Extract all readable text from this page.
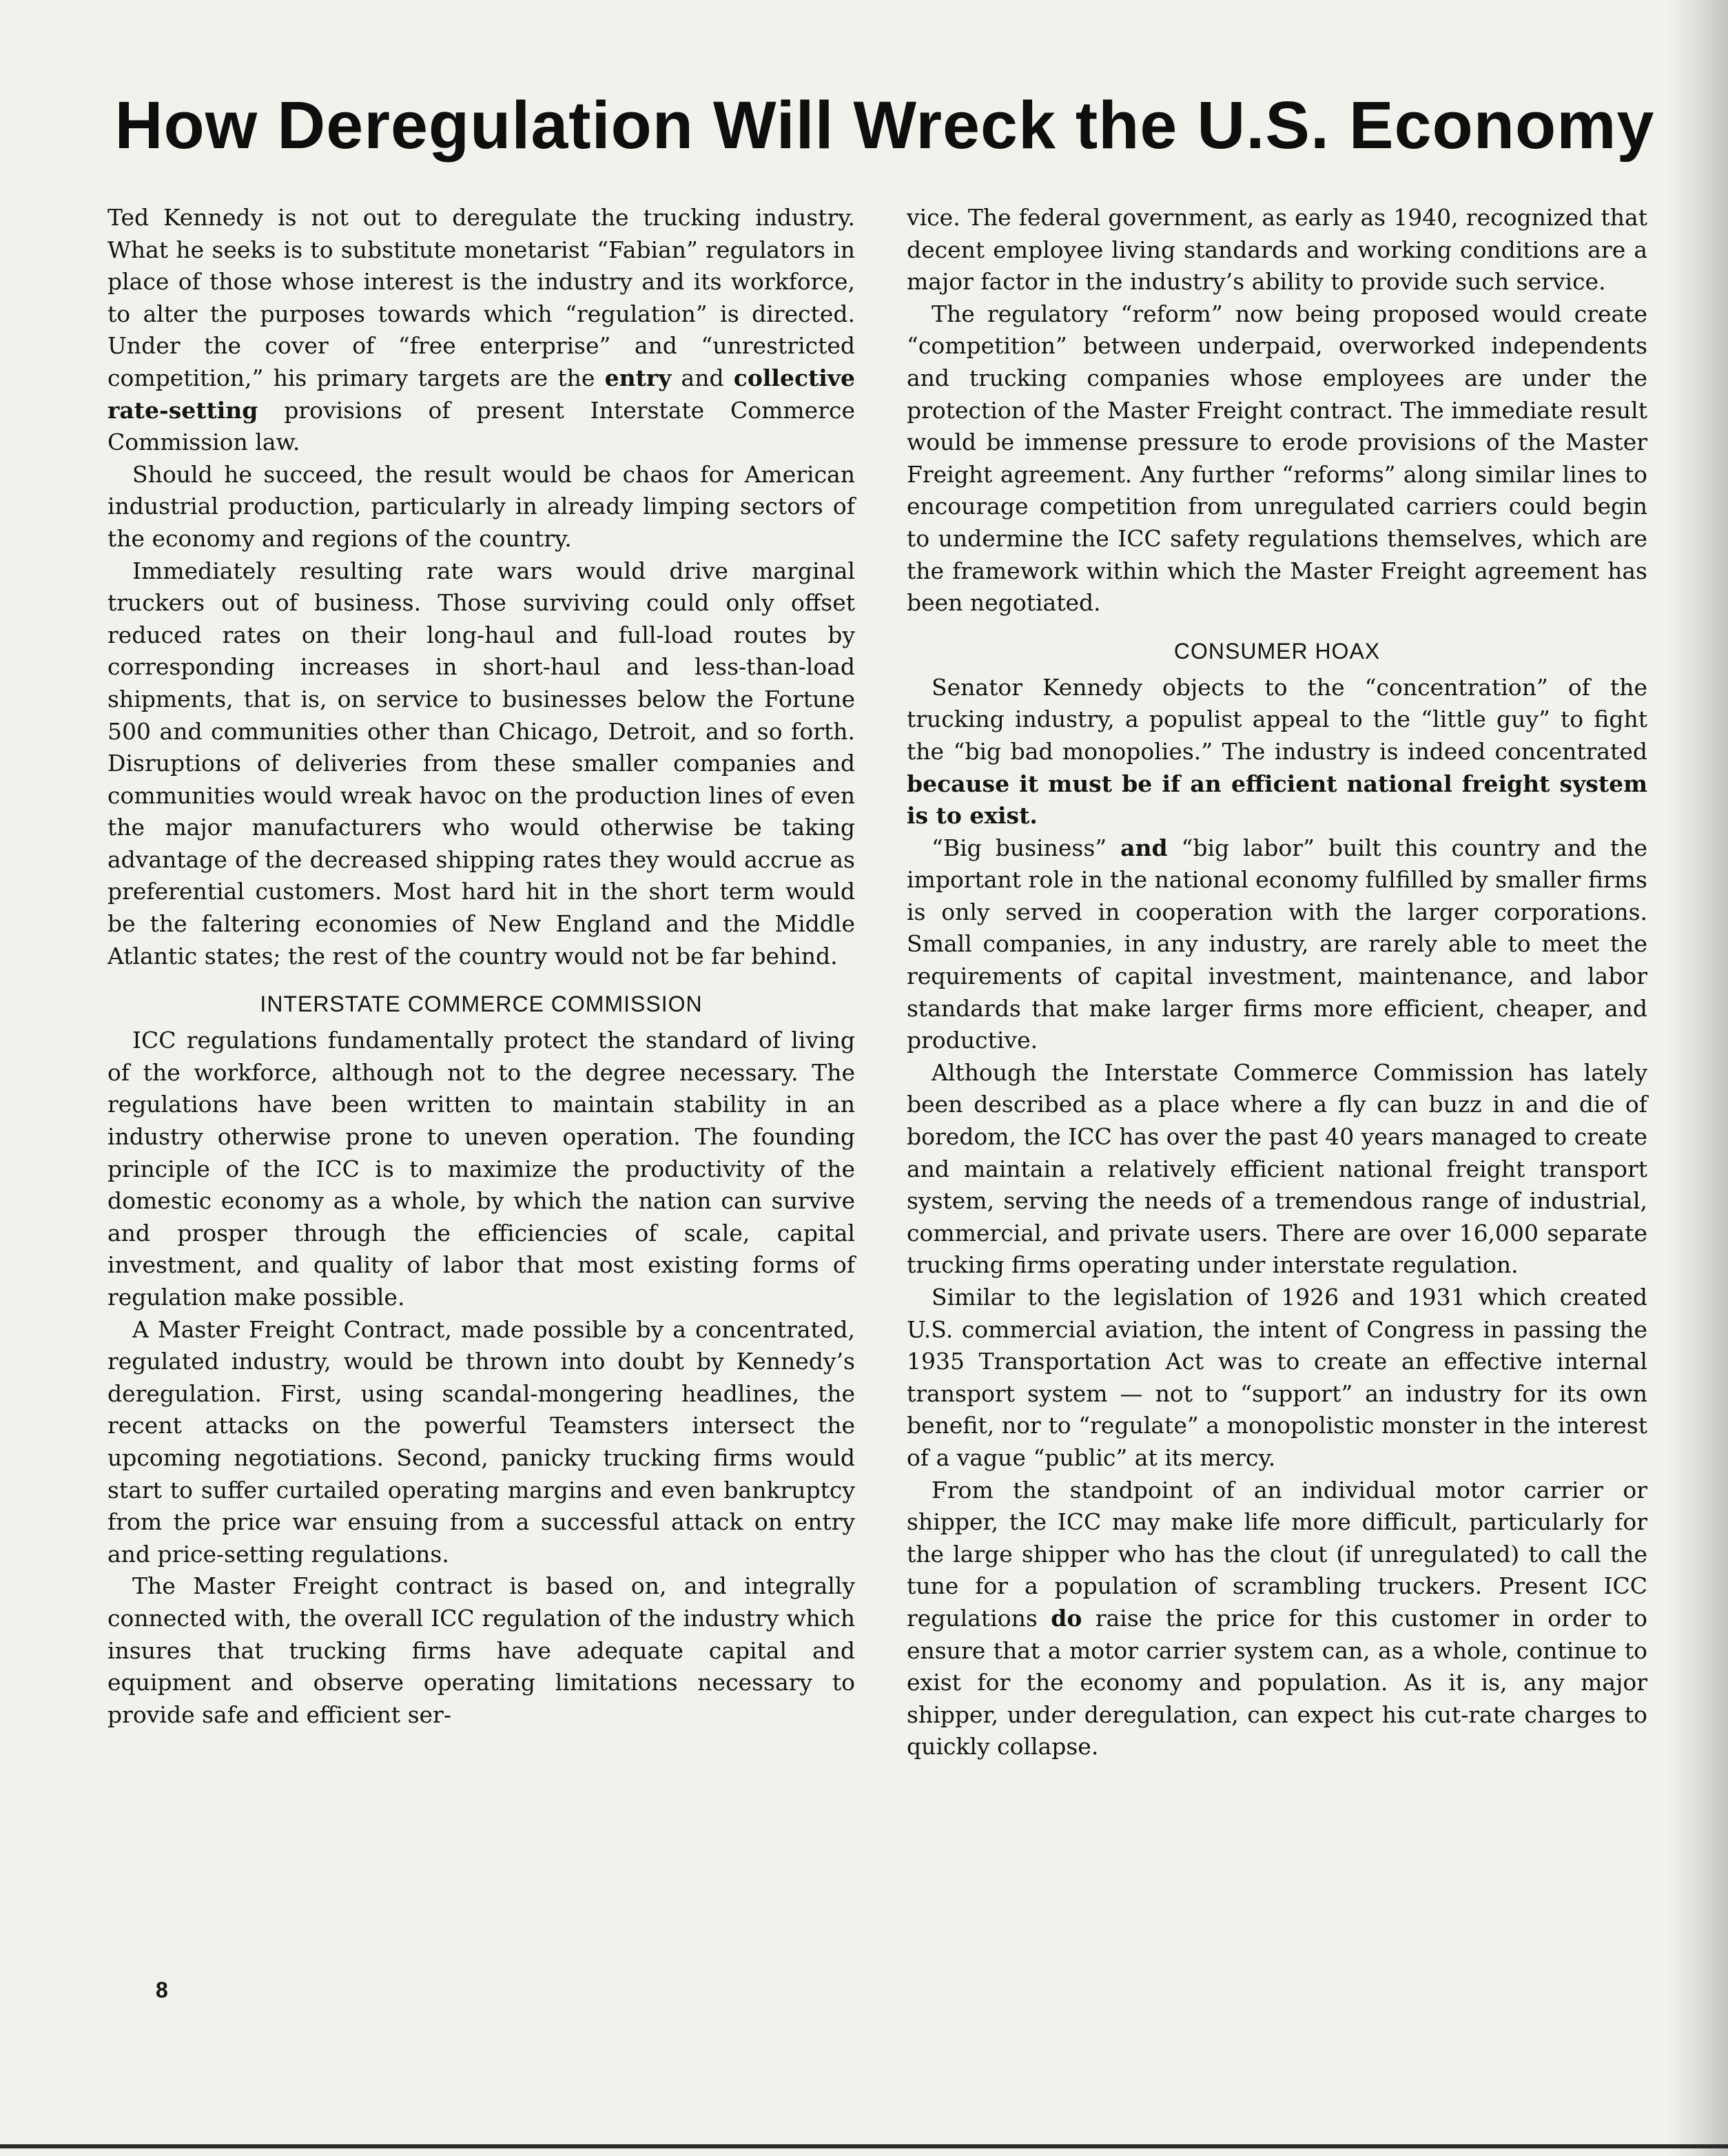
How Deregulation Will Wreck the U.S. Economy

Ted Kennedy is not out to deregulate the trucking industry. What he seeks is to substitute monetarist “Fabian” regulators in place of those whose interest is the industry and its workforce, to alter the purposes towards which “regulation” is directed. Under the cover of “free enterprise” and “unrestricted competition,” his primary targets are the entry and collective rate-setting provisions of present Interstate Commerce Commission law.

Should he succeed, the result would be chaos for American industrial production, particularly in already limping sectors of the economy and regions of the country.

Immediately resulting rate wars would drive marginal truckers out of business. Those surviving could only offset reduced rates on their long-haul and full-load routes by corresponding increases in short-haul and less-than-load shipments, that is, on service to businesses below the Fortune 500 and communities other than Chicago, Detroit, and so forth. Disruptions of deliveries from these smaller companies and communities would wreak havoc on the production lines of even the major manufacturers who would otherwise be taking advantage of the decreased shipping rates they would accrue as preferential customers. Most hard hit in the short term would be the faltering economies of New England and the Middle Atlantic states; the rest of the country would not be far behind.

INTERSTATE COMMERCE COMMISSION

ICC regulations fundamentally protect the standard of living of the workforce, although not to the degree necessary. The regulations have been written to maintain stability in an industry otherwise prone to uneven operation. The founding principle of the ICC is to maximize the productivity of the domestic economy as a whole, by which the nation can survive and prosper through the efficiencies of scale, capital investment, and quality of labor that most existing forms of regulation make possible.

A Master Freight Contract, made possible by a concentrated, regulated industry, would be thrown into doubt by Kennedy’s deregulation. First, using scandal-mongering headlines, the recent attacks on the powerful Teamsters intersect the upcoming negotiations. Second, panicky trucking firms would start to suffer curtailed operating margins and even bankruptcy from the price war ensuing from a successful attack on entry and price-setting regulations.

The Master Freight contract is based on, and integrally connected with, the overall ICC regulation of the industry which insures that trucking firms have adequate capital and equipment and observe operating limitations necessary to provide safe and efficient ser-

vice. The federal government, as early as 1940, recognized that decent employee living standards and working conditions are a major factor in the industry’s ability to provide such service.

The regulatory “reform” now being proposed would create “competition” between underpaid, overworked independents and trucking companies whose employees are under the protection of the Master Freight contract. The immediate result would be immense pressure to erode provisions of the Master Freight agreement. Any further “reforms” along similar lines to encourage competition from unregulated carriers could begin to undermine the ICC safety regulations themselves, which are the framework within which the Master Freight agreement has been negotiated.

CONSUMER HOAX

Senator Kennedy objects to the “concentration” of the trucking industry, a populist appeal to the “little guy” to fight the “big bad monopolies.” The industry is indeed concentrated because it must be if an efficient national freight system is to exist.

“Big business” and “big labor” built this country and the important role in the national economy fulfilled by smaller firms is only served in cooperation with the larger corporations. Small companies, in any industry, are rarely able to meet the requirements of capital investment, maintenance, and labor standards that make larger firms more efficient, cheaper, and productive.

Although the Interstate Commerce Commission has lately been described as a place where a fly can buzz in and die of boredom, the ICC has over the past 40 years managed to create and maintain a relatively efficient national freight transport system, serving the needs of a tremendous range of industrial, commercial, and private users. There are over 16,000 separate trucking firms operating under interstate regulation.

Similar to the legislation of 1926 and 1931 which created U.S. commercial aviation, the intent of Congress in passing the 1935 Transportation Act was to create an effective internal transport system — not to “support” an industry for its own benefit, nor to “regulate” a monopolistic monster in the interest of a vague “public” at its mercy.

From the standpoint of an individual motor carrier or shipper, the ICC may make life more difficult, particularly for the large shipper who has the clout (if unregulated) to call the tune for a population of scrambling truckers. Present ICC regulations do raise the price for this customer in order to ensure that a motor carrier system can, as a whole, continue to exist for the economy and population. As it is, any major shipper, under deregulation, can expect his cut-rate charges to quickly collapse.

8
